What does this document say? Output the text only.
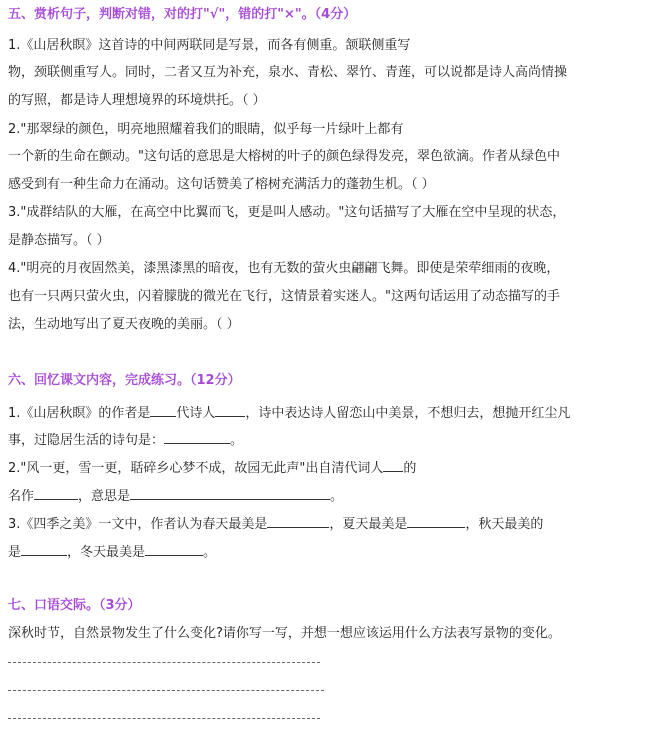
五、赏析句子，判断对错，对的打"√"，错的打"×"。（4分）
1.《山居秋瞑》这首诗的中间两联同是写景，而各有侧重。颔联侧重写
物，颈联侧重写人。同时，二者又互为补充，泉水、青松、翠竹、青莲，可以说都是诗人高尚情操
的写照，都是诗人理想境界的环境烘托。（ ）
2."那翠绿的颜色，明亮地照耀着我们的眼睛，似乎每一片绿叶上都有
一个新的生命在颤动。"这句话的意思是大榕树的叶子的颜色绿得发亮，翠色欲滴。作者从绿色中
感受到有一种生命力在涌动。这句话赞美了榕树充满活力的蓬勃生机。（ ）
3."成群结队的大雁，在高空中比翼而飞，更是叫人感动。"这句话描写了大雁在空中呈现的状态，
是静态描写。（ ）
4."明亮的月夜固然美，漆黑漆黑的暗夜，也有无数的萤火虫翩翩飞舞。即使是荣荦细雨的夜晚，
也有一只两只萤火虫，闪着朦胧的微光在飞行，这情景着实迷人。"这两句话运用了动态描写的手
法，生动地写出了夏天夜晚的美丽。（ ）
六、回忆课文内容，完成练习。（12分）
1.《山居秋瞑》的作者是 代诗人 ，诗中表达诗人留恋山中美景，不想归去，想抛开红尘凡
事，过隐居生活的诗句是：	。
2."风一更，雪一更，聒碎乡心梦不成，故园无此声"出自清代词人 的
名作	，意思是	。
3.《四季之美》一文中，作者认为春天最美是	，夏天最美是	，秋天最美的
是	，冬天最美是	。
七、口语交际。（3分）
深秋时节，自然景物发生了什么变化?请你写一写，并想一想应该运用什么方法表写景物的变化。
